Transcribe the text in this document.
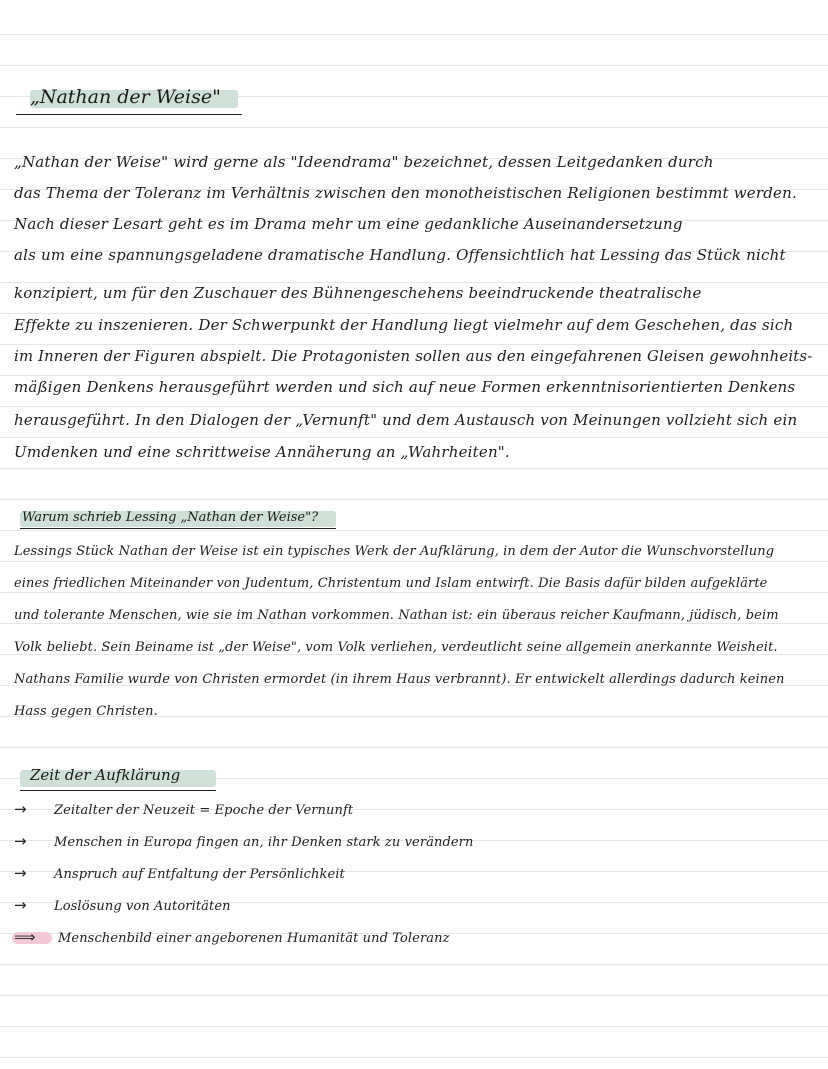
„Nathan der Weise"
„Nathan der Weise" wird gerne als "Ideendrama" bezeichnet, dessen Leitgedanken durch
das Thema der Toleranz im Verhältnis zwischen den monotheistischen Religionen bestimmt werden.
Nach dieser Lesart geht es im Drama mehr um eine gedankliche Auseinandersetzung
als um eine spannungsgeladene dramatische Handlung. Offensichtlich hat Lessing das Stück nicht
konzipiert, um für den Zuschauer des Bühnengeschehens beeindruckende theatralische
Effekte zu inszenieren. Der Schwerpunkt der Handlung liegt vielmehr auf dem Geschehen, das sich
im Inneren der Figuren abspielt. Die Protagonisten sollen aus den eingefahrenen Gleisen gewohnheits-
mäßigen Denkens herausgeführt werden und sich auf neue Formen erkenntnisorientierten Denkens
herausgeführt. In den Dialogen der „Vernunft" und dem Austausch von Meinungen vollzieht sich ein
Umdenken und eine schrittweise Annäherung an „Wahrheiten".
Warum schrieb Lessing „Nathan der Weise"?
Lessings Stück Nathan der Weise ist ein typisches Werk der Aufklärung, in dem der Autor die Wunschvorstellung
eines friedlichen Miteinander von Judentum, Christentum und Islam entwirft. Die Basis dafür bilden aufgeklärte
und tolerante Menschen, wie sie im Nathan vorkommen. Nathan ist: ein überaus reicher Kaufmann, jüdisch, beim
Volk beliebt. Sein Beiname ist „der Weise", vom Volk verliehen, verdeutlicht seine allgemein anerkannte Weisheit.
Nathans Familie wurde von Christen ermordet (in ihrem Haus verbrannt). Er entwickelt allerdings dadurch keinen
Hass gegen Christen.
Zeit der Aufklärung
→ Zeitalter der Neuzeit = Epoche der Vernunft
→ Menschen in Europa fingen an, ihr Denken stark zu verändern
→ Anspruch auf Entfaltung der Persönlichkeit
→ Loslösung von Autoritäten
⟹ Menschenbild einer angeborenen Humanität und Toleranz
